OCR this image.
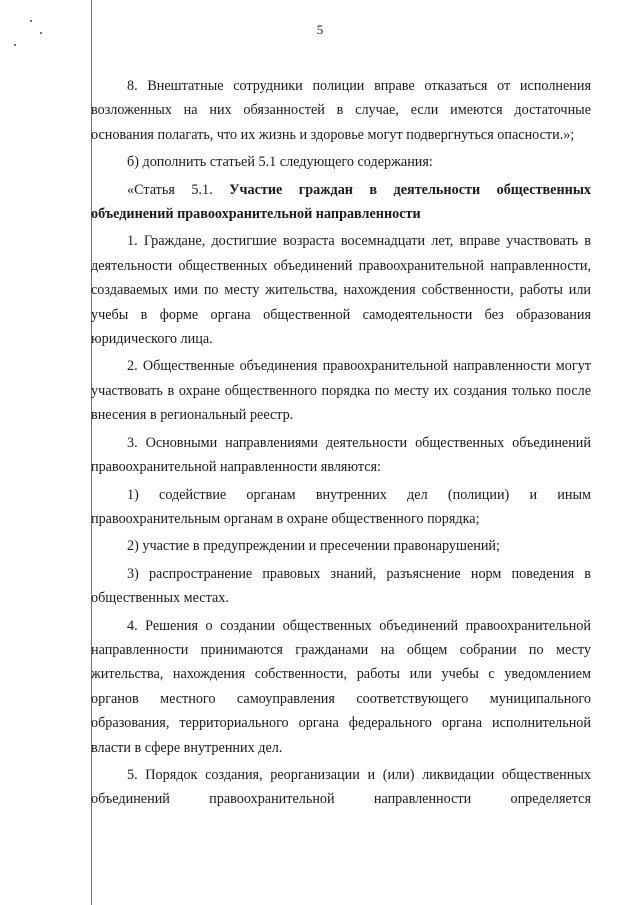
5

8. Внештатные сотрудники полиции вправе отказаться от исполнения возложенных на них обязанностей в случае, если имеются достаточные основания полагать, что их жизнь и здоровье могут подвергнуться опасности.»;

б) дополнить статьей 5.1 следующего содержания:

«Статья 5.1. Участие граждан в деятельности общественных объединений правоохранительной направленности

1. Граждане, достигшие возраста восемнадцати лет, вправе участвовать в деятельности общественных объединений правоохранительной направленности, создаваемых ими по месту жительства, нахождения собственности, работы или учебы в форме органа общественной самодеятельности без образования юридического лица.

2. Общественные объединения правоохранительной направленности могут участвовать в охране общественного порядка по месту их создания только после внесения в региональный реестр.

3. Основными направлениями деятельности общественных объединений правоохранительной направленности являются:

1) содействие органам внутренних дел (полиции) и иным правоохранительным органам в охране общественного порядка;

2) участие в предупреждении и пресечении правонарушений;

3) распространение правовых знаний, разъяснение норм поведения в общественных местах.

4. Решения о создании общественных объединений правоохранительной направленности принимаются гражданами на общем собрании по месту жительства, нахождения собственности, работы или учебы с уведомлением органов местного самоуправления соответствующего муниципального образования, территориального органа федерального органа исполнительной власти в сфере внутренних дел.

5. Порядок создания, реорганизации и (или) ликвидации общественных объединений правоохранительной направленности определяется
